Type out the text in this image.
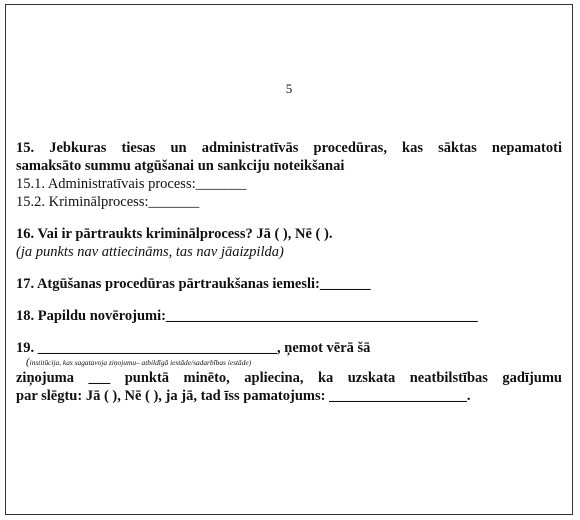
5
15. Jebkuras tiesas un administratīvās procedūras, kas sāktas nepamatoti
samaksāto summu atgūšanai un sankciju noteikšanai
15.1. Administratīvais process:_______
15.2. Kriminālprocess:_______
16. Vai ir pārtraukts kriminālprocess? Jā ( ), Nē ( ).
(ja punkts nav attiecināms, tas nav jāaizpilda)
17. Atgūšanas procedūras pārtraukšanas iemesli:_______
18. Papildu novērojumi:___________________________________________
19. _________________________________, ņemot vērā šā
(institūcija, kas sagatavoja ziņojumu– atbildīgā iestāde/sadarbības iestāde)
ziņojuma ___ punktā minēto, apliecina, ka uzskata neatbilstības gadījumu
par slēgtu: Jā ( ), Nē ( ), ja jā, tad īss pamatojums: ___________________.
